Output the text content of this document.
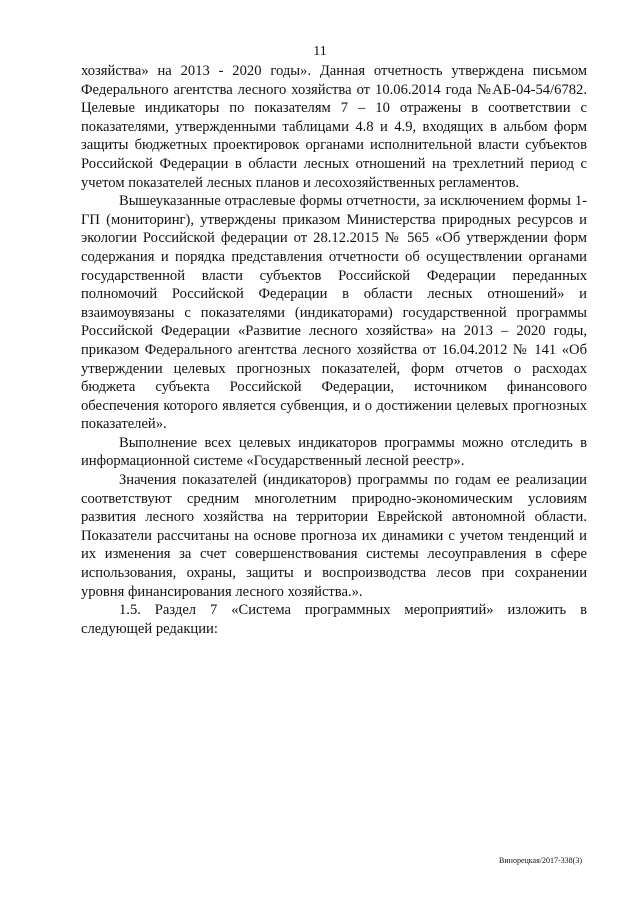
11

хозяйства» на 2013 - 2020 годы». Данная отчетность утверждена письмом Федерального агентства лесного хозяйства от 10.06.2014 года №АБ-04-54/6782. Целевые индикаторы по показателям 7 – 10 отражены в соответствии с показателями, утвержденными таблицами 4.8 и 4.9, входящих в альбом форм защиты бюджетных проектировок органами исполнительной власти субъектов Российской Федерации в области лесных отношений на трехлетний период с учетом показателей лесных планов и лесохозяйственных регламентов.

Вышеуказанные отраслевые формы отчетности, за исключением формы 1-ГП (мониторинг), утверждены приказом Министерства природных ресурсов и экологии Российской федерации от 28.12.2015 № 565 «Об утверждении форм содержания и порядка представления отчетности об осуществлении органами государственной власти субъектов Российской Федерации переданных полномочий Российской Федерации в области лесных отношений» и взаимоувязаны с показателями (индикаторами) государственной программы Российской Федерации «Развитие лесного хозяйства» на 2013 – 2020 годы, приказом Федерального агентства лесного хозяйства от 16.04.2012 № 141 «Об утверждении целевых прогнозных показателей, форм отчетов о расходах бюджета субъекта Российской Федерации, источником финансового обеспечения которого является субвенция, и о достижении целевых прогнозных показателей».

Выполнение всех целевых индикаторов программы можно отследить в информационной системе «Государственный лесной реестр».

Значения показателей (индикаторов) программы по годам ее реализации соответствуют средним многолетним природно-экономическим условиям развития лесного хозяйства на территории Еврейской автономной области. Показатели рассчитаны на основе прогноза их динамики с учетом тенденций и их изменения за счет совершенствования системы лесоуправления в сфере использования, охраны, защиты и воспроизводства лесов при сохранении уровня финансирования лесного хозяйства.».

1.5. Раздел 7 «Система программных мероприятий» изложить в следующей редакции:

Винорецкая/2017-338(3)
